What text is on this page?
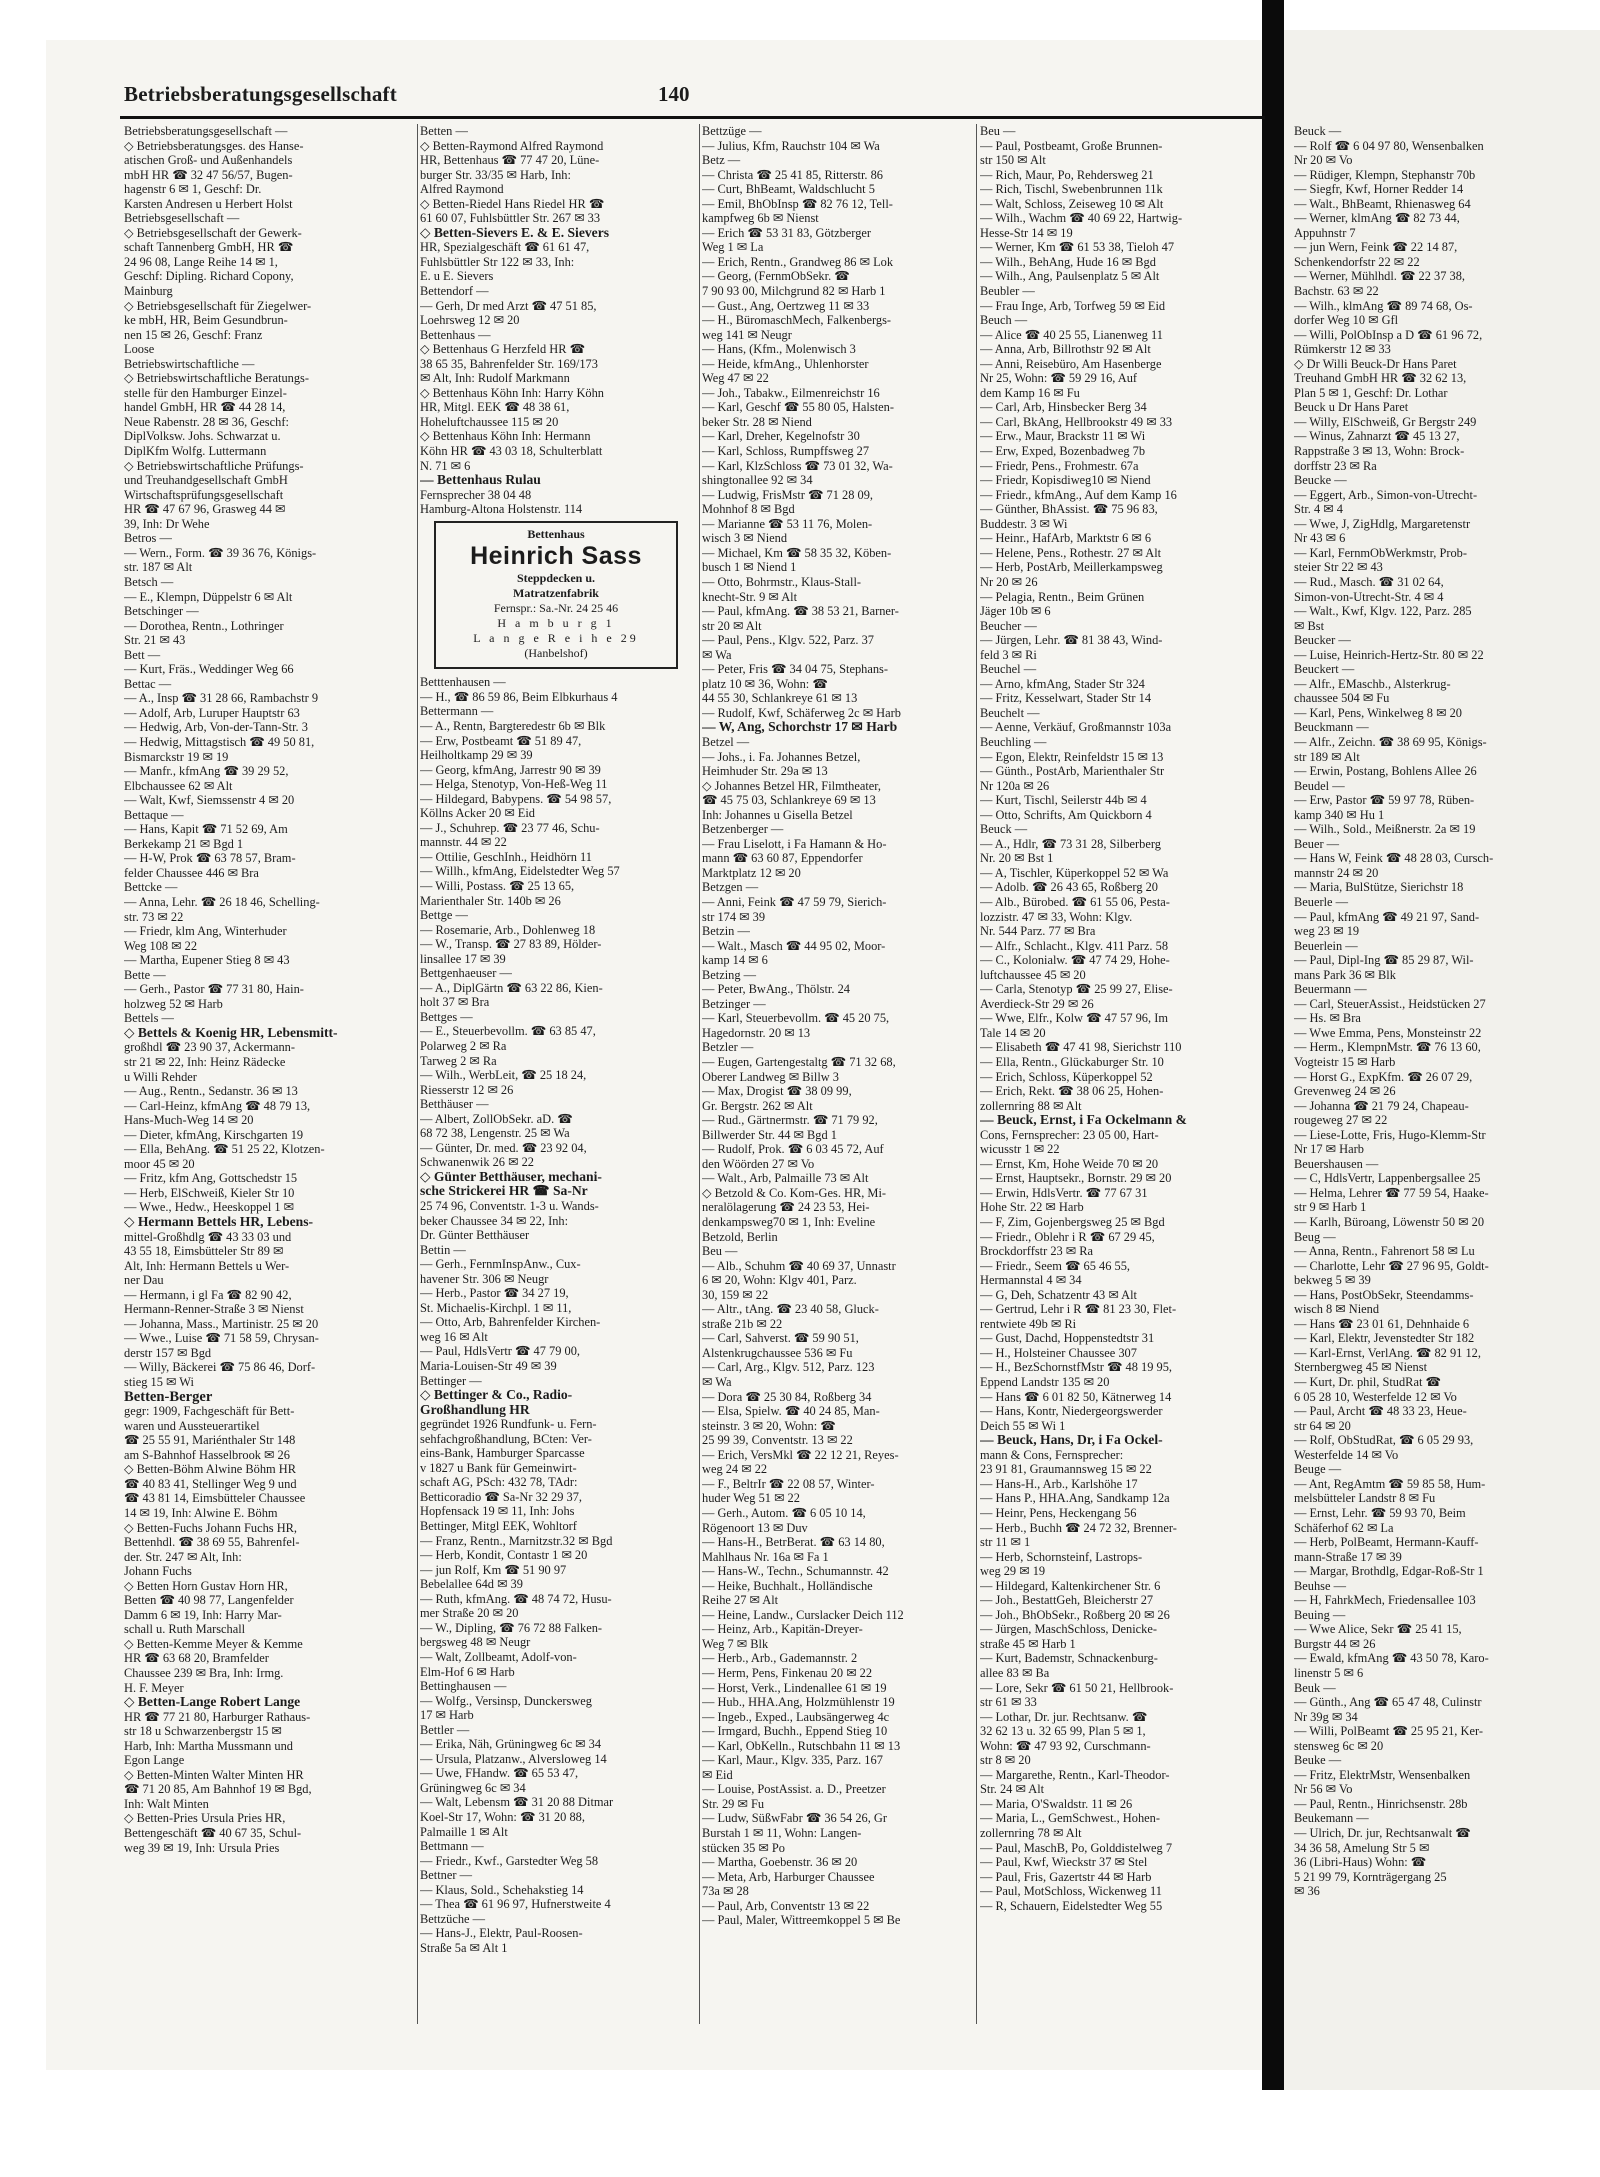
Betriebsberatungsgesellschaft	140
Betriebsberatungsgesellschaft —
◇ Betriebsberatungsges. des Hanse-
atischen Groß- und Außenhandels
mbH HR ☎ 32 47 56/57, Bugen-
hagenstr 6 ✉ 1, Geschf: Dr.
Karsten Andresen u Herbert Holst
Betriebsgesellschaft —
◇ Betriebsgesellschaft der Gewerk-
schaft Tannenberg GmbH, HR ☎
24 96 08, Lange Reihe 14 ✉ 1,
Geschf: Dipling. Richard Copony,
Mainburg
◇ Betriebsgesellschaft für Ziegelwer-
ke mbH, HR, Beim Gesundbrun-
nen 15 ✉ 26, Geschf: Franz
Loose
Betriebswirtschaftliche —
◇ Betriebswirtschaftliche Beratungs-
stelle für den Hamburger Einzel-
handel GmbH, HR ☎ 44 28 14,
Neue Rabenstr. 28 ✉ 36, Geschf:
DiplVolksw. Johs. Schwarzat u.
DiplKfm Wolfg. Luttermann
◇ Betriebswirtschaftliche Prüfungs-
und Treuhandgesellschaft GmbH
Wirtschaftsprüfungsgesellschaft
HR ☎ 47 67 96, Grasweg 44 ✉
39, Inh: Dr Wehe
Betros —
— Wern., Form. ☎ 39 36 76, Königs-
str. 187 ✉ Alt
Betsch —
— E., Klempn, Düppelstr 6 ✉ Alt
Betschinger —
— Dorothea, Rentn., Lothringer
Str. 21 ✉ 43
Bett —
— Kurt, Fräs., Weddinger Weg 66
Bettac —
— A., Insp ☎ 31 28 66, Rambachstr 9
— Adolf, Arb, Luruper Hauptstr 63
— Hedwig, Arb, Von-der-Tann-Str. 3
— Hedwig, Mittagstisch ☎ 49 50 81,
Bismarckstr 19 ✉ 19
— Manfr., kfmAng ☎ 39 29 52,
Elbchaussee 62 ✉ Alt
— Walt, Kwf, Siemssenstr 4 ✉ 20
Bettaque —
— Hans, Kapit ☎ 71 52 69, Am
Berkekamp 21 ✉ Bgd 1
— H-W, Prok ☎ 63 78 57, Bram-
felder Chaussee 446 ✉ Bra
Bettcke —
— Anna, Lehr. ☎ 26 18 46, Schelling-
str. 73 ✉ 22
— Friedr, klm Ang, Winterhuder
Weg 108 ✉ 22
— Martha, Eupener Stieg 8 ✉ 43
Bette —
— Gerh., Pastor ☎ 77 31 80, Hain-
holzweg 52 ✉ Harb
Bettels —
◇ Bettels & Koenig HR, Lebensmitt-
großhdl ☎ 23 90 37, Ackermann-
str 21 ✉ 22, Inh: Heinz Rädecke
u Willi Rehder
— Aug., Rentn., Sedanstr. 36 ✉ 13
— Carl-Heinz, kfmAng ☎ 48 79 13,
Hans-Much-Weg 14 ✉ 20
— Dieter, kfmAng, Kirschgarten 19
— Ella, BehAng. ☎ 51 25 22, Klotzen-
moor 45 ✉ 20
— Fritz, kfm Ang, Gottschedstr 15
— Herb, ElSchweiß, Kieler Str 10
— Wwe., Hedw., Heeskoppel 1 ✉
◇ Hermann Bettels HR, Lebens-
mittel-Großhdlg ☎ 43 33 03 und
43 55 18, Eimsbütteler Str 89 ✉
Alt, Inh: Hermann Bettels u Wer-
ner Dau
— Hermann, i gl Fa ☎ 82 90 42,
Hermann-Renner-Straße 3 ✉ Nienst
— Johanna, Mass., Martinistr. 25 ✉ 20
— Wwe., Luise ☎ 71 58 59, Chrysan-
derstr 157 ✉ Bgd
— Willy, Bäckerei ☎ 75 86 46, Dorf-
stieg 15 ✉ Wi
Betten-Berger
gegr: 1909, Fachgeschäft für Bett-
waren und Aussteuerartikel
☎ 25 55 91, Mariénthaler Str 148
am S-Bahnhof Hasselbrook ✉ 26
◇ Betten-Böhm Alwine Böhm HR
☎ 40 83 41, Stellinger Weg 9 und
☎ 43 81 14, Eimsbütteler Chaussee
14 ✉ 19, Inh: Alwine E. Böhm
◇ Betten-Fuchs Johann Fuchs HR,
Bettenhdl. ☎ 38 69 55, Bahrenfel-
der. Str. 247 ✉ Alt, Inh:
Johann Fuchs
◇ Betten Horn Gustav Horn HR,
Betten ☎ 40 98 77, Langenfelder
Damm 6 ✉ 19, Inh: Harry Mar-
schall u. Ruth Marschall
◇ Betten-Kemme Meyer & Kemme
HR ☎ 63 68 20, Bramfelder
Chaussee 239 ✉ Bra, Inh: Irmg.
H. F. Meyer
◇ Betten-Lange Robert Lange
HR ☎ 77 21 80, Harburger Rathaus-
str 18 u Schwarzenbergstr 15 ✉
Harb, Inh: Martha Mussmann und
Egon Lange
◇ Betten-Minten Walter Minten HR
☎ 71 20 85, Am Bahnhof 19 ✉ Bgd,
Inh: Walt Minten
◇ Betten-Pries Ursula Pries HR,
Bettengeschäft ☎ 40 67 35, Schul-
weg 39 ✉ 19, Inh: Ursula Pries
Betten —
◇ Betten-Raymond Alfred Raymond
HR, Bettenhaus ☎ 77 47 20, Lüne-
burger Str. 33/35 ✉ Harb, Inh:
Alfred Raymond
◇ Betten-Riedel Hans Riedel HR ☎
61 60 07, Fuhlsbüttler Str. 267 ✉ 33
◇ Betten-Sievers E. & E. Sievers
HR, Spezialgeschäft ☎ 61 61 47,
Fuhlsbüttler Str 122 ✉ 33, Inh:
E. u E. Sievers
Bettendorf —
— Gerh, Dr med Arzt ☎ 47 51 85,
Loehrsweg 12 ✉ 20
Bettenhaus —
◇ Bettenhaus G Herzfeld HR ☎
38 65 35, Bahrenfelder Str. 169/173
✉ Alt, Inh: Rudolf Markmann
◇ Bettenhaus Köhn Inh: Harry Köhn
HR, Mitgl. EEK ☎ 48 38 61,
Hoheluftchaussee 115 ✉ 20
◇ Bettenhaus Köhn Inh: Hermann
Köhn HR ☎ 43 03 18, Schulterblatt
N. 71 ✉ 6
— Bettenhaus Rulau
Fernsprecher 38 04 48
Hamburg-Altona Holstenstr. 114
Bettenhaus
Heinrich Sass
Steppdecken u.
Matratzenfabrik
Fernspr.: Sa.-Nr. 24 25 46
H a m b u r g 1
L a n g e R e i h e 29
(Hanbelshof)
Betttenhausen —
— H., ☎ 86 59 86, Beim Elbkurhaus 4
Bettermann —
— A., Rentn, Bargteredestr 6b ✉ Blk
— Erw, Postbeamt ☎ 51 89 47,
Heilholtkamp 29 ✉ 39
— Georg, kfmAng, Jarrestr 90 ✉ 39
— Helga, Stenotyp, Von-Heß-Weg 11
— Hildegard, Babypens. ☎ 54 98 57,
Köllns Acker 20 ✉ Eid
— J., Schuhrep. ☎ 23 77 46, Schu-
mannstr. 44 ✉ 22
— Ottilie, GeschInh., Heidhörn 11
— Willh., kfmAng, Eidelstedter Weg 57
— Willi, Postass. ☎ 25 13 65,
Marienthaler Str. 140b ✉ 26
Bettge —
— Rosemarie, Arb., Dohlenweg 18
— W., Transp. ☎ 27 83 89, Hölder-
linsallee 17 ✉ 39
Bettgenhaeuser —
— A., DiplGärtn ☎ 63 22 86, Kien-
holt 37 ✉ Bra
Bettges —
— E., Steuerbevollm. ☎ 63 85 47,
Polarweg 2 ✉ Ra
Tarweg 2 ✉ Ra
— Wilh., WerbLeit, ☎ 25 18 24,
Riesserstr 12 ✉ 26
Betthäuser —
— Albert, ZollObSekr. aD. ☎
68 72 38, Lengenstr. 25 ✉ Wa
— Günter, Dr. med. ☎ 23 92 04,
Schwanenwik 26 ✉ 22
◇ Günter Betthäuser, mechani-
sche Strickerei HR ☎ Sa-Nr
25 74 96, Conventstr. 1-3 u. Wands-
beker Chaussee 34 ✉ 22, Inh:
Dr. Günter Betthäuser
Bettin —
— Gerh., FernmInspAnw., Cux-
havener Str. 306 ✉ Neugr
— Herb., Pastor ☎ 34 27 19,
St. Michaelis-Kirchpl. 1 ✉ 11,
— Otto, Arb, Bahrenfelder Kirchen-
weg 16 ✉ Alt
— Paul, HdlsVertr ☎ 47 79 00,
Maria-Louisen-Str 49 ✉ 39
Bettinger —
◇ Bettinger & Co., Radio-
Großhandlung HR
gegründet 1926 Rundfunk- u. Fern-
sehfachgroßhandlung, BCten: Ver-
eins-Bank, Hamburger Sparcasse
v 1827 u Bank für Gemeinwirt-
schaft AG, PSch: 432 78, TAdr:
Betticoradio ☎ Sa-Nr 32 29 37,
Hopfensack 19 ✉ 11, Inh: Johs
Bettinger, Mitgl EEK, Wohltorf
— Franz, Rentn., Marnitzstr.32 ✉ Bgd
— Herb, Kondit, Contastr 1 ✉ 20
— jun Rolf, Km ☎ 51 90 97
Bebelallee 64d ✉ 39
— Ruth, kfmAng. ☎ 48 74 72, Husu-
mer Straße 20 ✉ 20
— W., Dipling, ☎ 76 72 88 Falken-
bergsweg 48 ✉ Neugr
— Walt, Zollbeamt, Adolf-von-
Elm-Hof 6 ✉ Harb
Bettinghausen —
— Wolfg., Versinsp, Dunckersweg
17 ✉ Harb
Bettler —
— Erika, Näh, Grüningweg 6c ✉ 34
— Ursula, Platzanw., Alversloweg 14
— Uwe, FHandw. ☎ 65 53 47,
Grüningweg 6c ✉ 34
— Walt, Lebensm ☎ 31 20 88 Ditmar
Koel-Str 17, Wohn: ☎ 31 20 88,
Palmaille 1 ✉ Alt
Bettmann —
— Friedr., Kwf., Garstedter Weg 58
Bettner —
— Klaus, Sold., Schehakstieg 14
— Thea ☎ 61 96 97, Hufnerstweite 4
Bettzüche —
— Hans-J., Elektr, Paul-Roosen-
Straße 5a ✉ Alt 1
Bettzüge —
— Julius, Kfm, Rauchstr 104 ✉ Wa
Betz —
— Christa ☎ 25 41 85, Ritterstr. 86
— Curt, BhBeamt, Waldschlucht 5
— Emil, BhObInsp ☎ 82 76 12, Tell-
kampfweg 6b ✉ Nienst
— Erich ☎ 53 31 83, Götzberger
Weg 1 ✉ La
— Erich, Rentn., Grandweg 86 ✉ Lok
— Georg, (FernmObSekr. ☎
7 90 93 00, Milchgrund 82 ✉ Harb 1
— Gust., Ang, Oertzweg 11 ✉ 33
— H., BüromaschMech, Falkenbergs-
weg 141 ✉ Neugr
— Hans, (Kfm., Molenwisch 3
— Heide, kfmAng., Uhlenhorster
Weg 47 ✉ 22
— Joh., Tabakw., Eilmenreichstr 16
— Karl, Geschf ☎ 55 80 05, Halsten-
beker Str. 28 ✉ Niend
— Karl, Dreher, Kegelnofstr 30
— Karl, Schloss, Rumpffsweg 27
— Karl, KlzSchloss ☎ 73 01 32, Wa-
shingtonallee 92 ✉ 34
— Ludwig, FrisMstr ☎ 71 28 09,
Mohnhof 8 ✉ Bgd
— Marianne ☎ 53 11 76, Molen-
wisch 3 ✉ Niend
— Michael, Km ☎ 58 35 32, Köben-
busch 1 ✉ Niend 1
— Otto, Bohrmstr., Klaus-Stall-
knecht-Str. 9 ✉ Alt
— Paul, kfmAng. ☎ 38 53 21, Barner-
str 20 ✉ Alt
— Paul, Pens., Klgv. 522, Parz. 37
✉ Wa
— Peter, Fris ☎ 34 04 75, Stephans-
platz 10 ✉ 36, Wohn: ☎
44 55 30, Schlankreye 61 ✉ 13
— Rudolf, Kwf, Schäferweg 2c ✉ Harb
— W, Ang, Schorchstr 17 ✉ Harb
Betzel —
— Johs., i. Fa. Johannes Betzel,
Heimhuder Str. 29a ✉ 13
◇ Johannes Betzel HR, Filmtheater,
☎ 45 75 03, Schlankreye 69 ✉ 13
Inh: Johannes u Gisella Betzel
Betzenberger —
— Frau Liselott, i Fa Hamann & Ho-
mann ☎ 63 60 87, Eppendorfer
Marktplatz 12 ✉ 20
Betzgen —
— Anni, Feink ☎ 47 59 79, Sierich-
str 174 ✉ 39
Betzin —
— Walt., Masch ☎ 44 95 02, Moor-
kamp 14 ✉ 6
Betzing —
— Peter, BwAng., Thölstr. 24
Betzinger —
— Karl, Steuerbevollm. ☎ 45 20 75,
Hagedornstr. 20 ✉ 13
Betzler —
— Eugen, Gartengestaltg ☎ 71 32 68,
Oberer Landweg ✉ Billw 3
— Max, Drogist ☎ 38 09 99,
Gr. Bergstr. 262 ✉ Alt
— Rud., Gärtnermstr. ☎ 71 79 92,
Billwerder Str. 44 ✉ Bgd 1
— Rudolf, Prok. ☎ 6 03 45 72, Auf
den Wöörden 27 ✉ Vo
— Walt., Arb, Palmaille 73 ✉ Alt
◇ Betzold & Co. Kom-Ges. HR, Mi-
neralölagerung ☎ 24 23 53, Hei-
denkampsweg70 ✉ 1, Inh: Eveline
Betzold, Berlin
Beu —
— Alb., Schuhm ☎ 40 69 37, Unnastr
6 ✉ 20, Wohn: Klgv 401, Parz.
30, 159 ✉ 22
— Altr., tAng. ☎ 23 40 58, Gluck-
straße 21b ✉ 22
— Carl, Sahverst. ☎ 59 90 51,
Alstenkrugchaussee 536 ✉ Fu
— Carl, Arg., Klgv. 512, Parz. 123
✉ Wa
— Dora ☎ 25 30 84, Roßberg 34
— Elsa, Spielw. ☎ 40 24 85, Man-
steinstr. 3 ✉ 20, Wohn: ☎
25 99 39, Conventstr. 13 ✉ 22
— Erich, VersMkl ☎ 22 12 21, Reyes-
weg 24 ✉ 22
— F., BeltrIr ☎ 22 08 57, Winter-
huder Weg 51 ✉ 22
— Gerh., Autom. ☎ 6 05 10 14,
Rögenoort 13 ✉ Duv
— Hans-H., BetrBerat. ☎ 63 14 80,
Mahlhaus Nr. 16a ✉ Fa 1
— Hans-W., Techn., Schumannstr. 42
— Heike, Buchhalt., Holländische
Reihe 27 ✉ Alt
— Heine, Landw., Curslacker Deich 112
— Heinz, Arb., Kapitän-Dreyer-
Weg 7 ✉ Blk
— Herb., Arb., Gademannstr. 2
— Herm, Pens, Finkenau 20 ✉ 22
— Horst, Verk., Lindenallee 61 ✉ 19
— Hub., HHA.Ang, Holzmühlenstr 19
— Ingeb., Exped., Laubsängerweg 4c
— Irmgard, Buchh., Eppend Stieg 10
— Karl, ObKelln., Rutschbahn 11 ✉ 13
— Karl, Maur., Klgv. 335, Parz. 167
✉ Eid
— Louise, PostAssist. a. D., Preetzer
Str. 29 ✉ Fu
— Ludw, SüßwFabr ☎ 36 54 26, Gr
Burstah 1 ✉ 11, Wohn: Langen-
stücken 35 ✉ Po
— Martha, Goebenstr. 36 ✉ 20
— Meta, Arb, Harburger Chaussee
73a ✉ 28
— Paul, Arb, Conventstr 13 ✉ 22
— Paul, Maler, Wittreemkoppel 5 ✉ Be
Beu —
— Paul, Postbeamt, Große Brunnen-
str 150 ✉ Alt
— Rich, Maur, Po, Rehdersweg 21
— Rich, Tischl, Swebenbrunnen 11k
— Walt, Schloss, Zeiseweg 10 ✉ Alt
— Wilh., Wachm ☎ 40 69 22, Hartwig-
Hesse-Str 14 ✉ 19
— Werner, Km ☎ 61 53 38, Tieloh 47
— Wilh., BehAng, Hude 16 ✉ Bgd
— Wilh., Ang, Paulsenplatz 5 ✉ Alt
Beubler —
— Frau Inge, Arb, Torfweg 59 ✉ Eid
Beuch —
— Alice ☎ 40 25 55, Lianenweg 11
— Anna, Arb, Billrothstr 92 ✉ Alt
— Anni, Reisebüro, Am Hasenberge
Nr 25, Wohn: ☎ 59 29 16, Auf
dem Kamp 16 ✉ Fu
— Carl, Arb, Hinsbecker Berg 34
— Carl, BkAng, Hellbrookstr 49 ✉ 33
— Erw., Maur, Brackstr 11 ✉ Wi
— Erw, Exped, Bozenbadweg 7b
— Friedr, Pens., Frohmestr. 67a
— Friedr, Kopisdiweg10 ✉ Niend
— Friedr., kfmAng., Auf dem Kamp 16
— Günther, BhAssist. ☎ 75 96 83,
Buddestr. 3 ✉ Wi
— Heinr., HafArb, Marktstr 6 ✉ 6
— Helene, Pens., Rothestr. 27 ✉ Alt
— Herb, PostArb, Meillerkampsweg
Nr 20 ✉ 26
— Pelagia, Rentn., Beim Grünen
Jäger 10b ✉ 6
Beucher —
— Jürgen, Lehr. ☎ 81 38 43, Wind-
feld 3 ✉ Ri
Beuchel —
— Arno, kfmAng, Stader Str 324
— Fritz, Kesselwart, Stader Str 14
Beuchelt —
— Aenne, Verkäuf, Großmannstr 103a
Beuchling —
— Egon, Elektr, Reinfeldstr 15 ✉ 13
— Günth., PostArb, Marienthaler Str
Nr 120a ✉ 26
— Kurt, Tischl, Seilerstr 44b ✉ 4
— Otto, Schrifts, Am Quickborn 4
Beuck —
— A., Hdlr, ☎ 73 31 28, Silberberg
Nr. 20 ✉ Bst 1
— A, Tischler, Küperkoppel 52 ✉ Wa
— Adolb. ☎ 26 43 65, Roßberg 20
— Alb., Bürobed. ☎ 61 55 06, Pesta-
lozzistr. 47 ✉ 33, Wohn: Klgv.
Nr. 544 Parz. 77 ✉ Bra
— Alfr., Schlacht., Klgv. 411 Parz. 58
— C., Kolonialw. ☎ 47 74 29, Hohe-
luftchaussee 45 ✉ 20
— Carla, Stenotyp ☎ 25 99 27, Elise-
Averdieck-Str 29 ✉ 26
— Wwe, Elfr., Kolw ☎ 47 57 96, Im
Tale 14 ✉ 20
— Elisabeth ☎ 47 41 98, Sierichstr 110
— Ella, Rentn., Glückaburger Str. 10
— Erich, Schloss, Küperkoppel 52
— Erich, Rekt. ☎ 38 06 25, Hohen-
zollernring 88 ✉ Alt
— Beuck, Ernst, i Fa Ockelmann &
Cons, Fernsprecher: 23 05 00, Hart-
wicusstr 1 ✉ 22
— Ernst, Km, Hohe Weide 70 ✉ 20
— Ernst, Hauptsekr., Bornstr. 29 ✉ 20
— Erwin, HdlsVertr. ☎ 77 67 31
Hohe Str. 22 ✉ Harb
— F, Zim, Gojenbergsweg 25 ✉ Bgd
— Friedr., Oblehr i R ☎ 67 29 45,
Brockdorffstr 23 ✉ Ra
— Friedr., Seem ☎ 65 46 55,
Hermannstal 4 ✉ 34
— G, Deh, Schatzentr 43 ✉ Alt
— Gertrud, Lehr i R ☎ 81 23 30, Flet-
rentwiete 49b ✉ Ri
— Gust, Dachd, Hoppenstedtstr 31
— H., Holsteiner Chaussee 307
— H., BezSchornstfMstr ☎ 48 19 95,
Eppend Landstr 135 ✉ 20
— Hans ☎ 6 01 82 50, Kätnerweg 14
— Hans, Kontr, Niedergeorgswerder
Deich 55 ✉ Wi 1
— Beuck, Hans, Dr, i Fa Ockel-
mann & Cons, Fernsprecher:
23 91 81, Graumannsweg 15 ✉ 22
— Hans-H., Arb., Karlshöhe 17
— Hans P., HHA.Ang, Sandkamp 12a
— Heinr, Pens, Heckengang 56
— Herb., Buchh ☎ 24 72 32, Brenner-
str 11 ✉ 1
— Herb, Schornsteinf, Lastrops-
weg 29 ✉ 19
— Hildegard, Kaltenkirchener Str. 6
— Joh., BestattGeh, Bleicherstr 27
— Joh., BhObSekr., Roßberg 20 ✉ 26
— Jürgen, MaschSchloss, Denicke-
straße 45 ✉ Harb 1
— Kurt, Bademstr, Schnackenburg-
allee 83 ✉ Ba
— Lore, Sekr ☎ 61 50 21, Hellbrook-
str 61 ✉ 33
— Lothar, Dr. jur. Rechtsanw. ☎
32 62 13 u. 32 65 99, Plan 5 ✉ 1,
Wohn: ☎ 47 93 92, Curschmann-
str 8 ✉ 20
— Margarethe, Rentn., Karl-Theodor-
Str. 24 ✉ Alt
— Maria, O'Swaldstr. 11 ✉ 26
— Maria, L., GemSchwest., Hohen-
zollernring 78 ✉ Alt
— Paul, MaschB, Po, Golddistelweg 7
— Paul, Kwf, Wieckstr 37 ✉ Stel
— Paul, Fris, Gazertstr 44 ✉ Harb
— Paul, MotSchloss, Wickenweg 11
— R, Schauern, Eidelstedter Weg 55
Beuck —
— Rolf ☎ 6 04 97 80, Wensenbalken
Nr 20 ✉ Vo
— Rüdiger, Klempn, Stephanstr 70b
— Siegfr, Kwf, Horner Redder 14
— Walt., BhBeamt, Rhienasweg 64
— Werner, klmAng ☎ 82 73 44,
Appuhnstr 7
— jun Wern, Feink ☎ 22 14 87,
Schenkendorfstr 22 ✉ 22
— Werner, Mühlhdl. ☎ 22 37 38,
Bachstr. 63 ✉ 22
— Wilh., klmAng ☎ 89 74 68, Os-
dorfer Weg 10 ✉ Gfl
— Willi, PolObInsp a D ☎ 61 96 72,
Rümkerstr 12 ✉ 33
◇ Dr Willi Beuck-Dr Hans Paret
Treuhand GmbH HR ☎ 32 62 13,
Plan 5 ✉ 1, Geschf: Dr. Lothar
Beuck u Dr Hans Paret
— Willy, ElSchweiß, Gr Bergstr 249
— Winus, Zahnarzt ☎ 45 13 27,
Rappstraße 3 ✉ 13, Wohn: Brock-
dorffstr 23 ✉ Ra
Beucke —
— Eggert, Arb., Simon-von-Utrecht-
Str. 4 ✉ 4
— Wwe, J, ZigHdlg, Margaretenstr
Nr 43 ✉ 6
— Karl, FernmObWerkmstr, Prob-
steier Str 22 ✉ 43
— Rud., Masch. ☎ 31 02 64,
Simon-von-Utrecht-Str. 4 ✉ 4
— Walt., Kwf, Klgv. 122, Parz. 285
✉ Bst
Beucker —
— Luise, Heinrich-Hertz-Str. 80 ✉ 22
Beuckert —
— Alfr., EMaschb., Alsterkrug-
chaussee 504 ✉ Fu
— Karl, Pens, Winkelweg 8 ✉ 20
Beuckmann —
— Alfr., Zeichn. ☎ 38 69 95, Königs-
str 189 ✉ Alt
— Erwin, Postang, Bohlens Allee 26
Beudel —
— Erw, Pastor ☎ 59 97 78, Rüben-
kamp 340 ✉ Hu 1
— Wilh., Sold., Meißnerstr. 2a ✉ 19
Beuer —
— Hans W, Feink ☎ 48 28 03, Cursch-
mannstr 24 ✉ 20
— Maria, BulStütze, Sierichstr 18
Beuerle —
— Paul, kfmAng ☎ 49 21 97, Sand-
weg 23 ✉ 19
Beuerlein —
— Paul, Dipl-Ing ☎ 85 29 87, Wil-
mans Park 36 ✉ Blk
Beuermann —
— Carl, SteuerAssist., Heidstücken 27
— Hs. ✉ Bra
— Wwe Emma, Pens, Monsteinstr 22
— Herm., KlempnMstr. ☎ 76 13 60,
Vogteistr 15 ✉ Harb
— Horst G., ExpKfm. ☎ 26 07 29,
Grevenweg 24 ✉ 26
— Johanna ☎ 21 79 24, Chapeau-
rougeweg 27 ✉ 22
— Liese-Lotte, Fris, Hugo-Klemm-Str
Nr 17 ✉ Harb
Beuershausen —
— C, HdlsVertr, Lappenbergsallee 25
— Helma, Lehrer ☎ 77 59 54, Haake-
str 9 ✉ Harb 1
— Karlh, Büroang, Löwenstr 50 ✉ 20
Beug —
— Anna, Rentn., Fahrenort 58 ✉ Lu
— Charlotte, Lehr ☎ 27 96 95, Goldt-
bekweg 5 ✉ 39
— Hans, PostObSekr, Steendamms-
wisch 8 ✉ Niend
— Hans ☎ 23 01 61, Dehnhaide 6
— Karl, Elektr, Jevenstedter Str 182
— Karl-Ernst, VerlAng. ☎ 82 91 12,
Sternbergweg 45 ✉ Nienst
— Kurt, Dr. phil, StudRat ☎
6 05 28 10, Westerfelde 12 ✉ Vo
— Paul, Archt ☎ 48 33 23, Heue-
str 64 ✉ 20
— Rolf, ObStudRat, ☎ 6 05 29 93,
Westerfelde 14 ✉ Vo
Beuge —
— Ant, RegAmtm ☎ 59 85 58, Hum-
melsbütteler Landstr 8 ✉ Fu
— Ernst, Lehr. ☎ 59 93 70, Beim
Schäferhof 62 ✉ La
— Herb, PolBeamt, Hermann-Kauff-
mann-Straße 17 ✉ 39
— Margar, Brothdlg, Edgar-Roß-Str 1
Beuhse —
— H, FahrkMech, Friedensallee 103
Beuing —
— Wwe Alice, Sekr ☎ 25 41 15,
Burgstr 44 ✉ 26
— Ewald, kfmAng ☎ 43 50 78, Karo-
linenstr 5 ✉ 6
Beuk —
— Günth., Ang ☎ 65 47 48, Culinstr
Nr 39g ✉ 34
— Willi, PolBeamt ☎ 25 95 21, Ker-
stensweg 6c ✉ 20
Beuke —
— Fritz, ElektrMstr, Wensenbalken
Nr 56 ✉ Vo
— Paul, Rentn., Hinrichsenstr. 28b
Beukemann —
— Ulrich, Dr. jur, Rechtsanwalt ☎
34 36 58, Amelung Str 5 ✉
36 (Libri-Haus) Wohn: ☎
5 21 99 79, Kornträgergang 25
✉ 36
